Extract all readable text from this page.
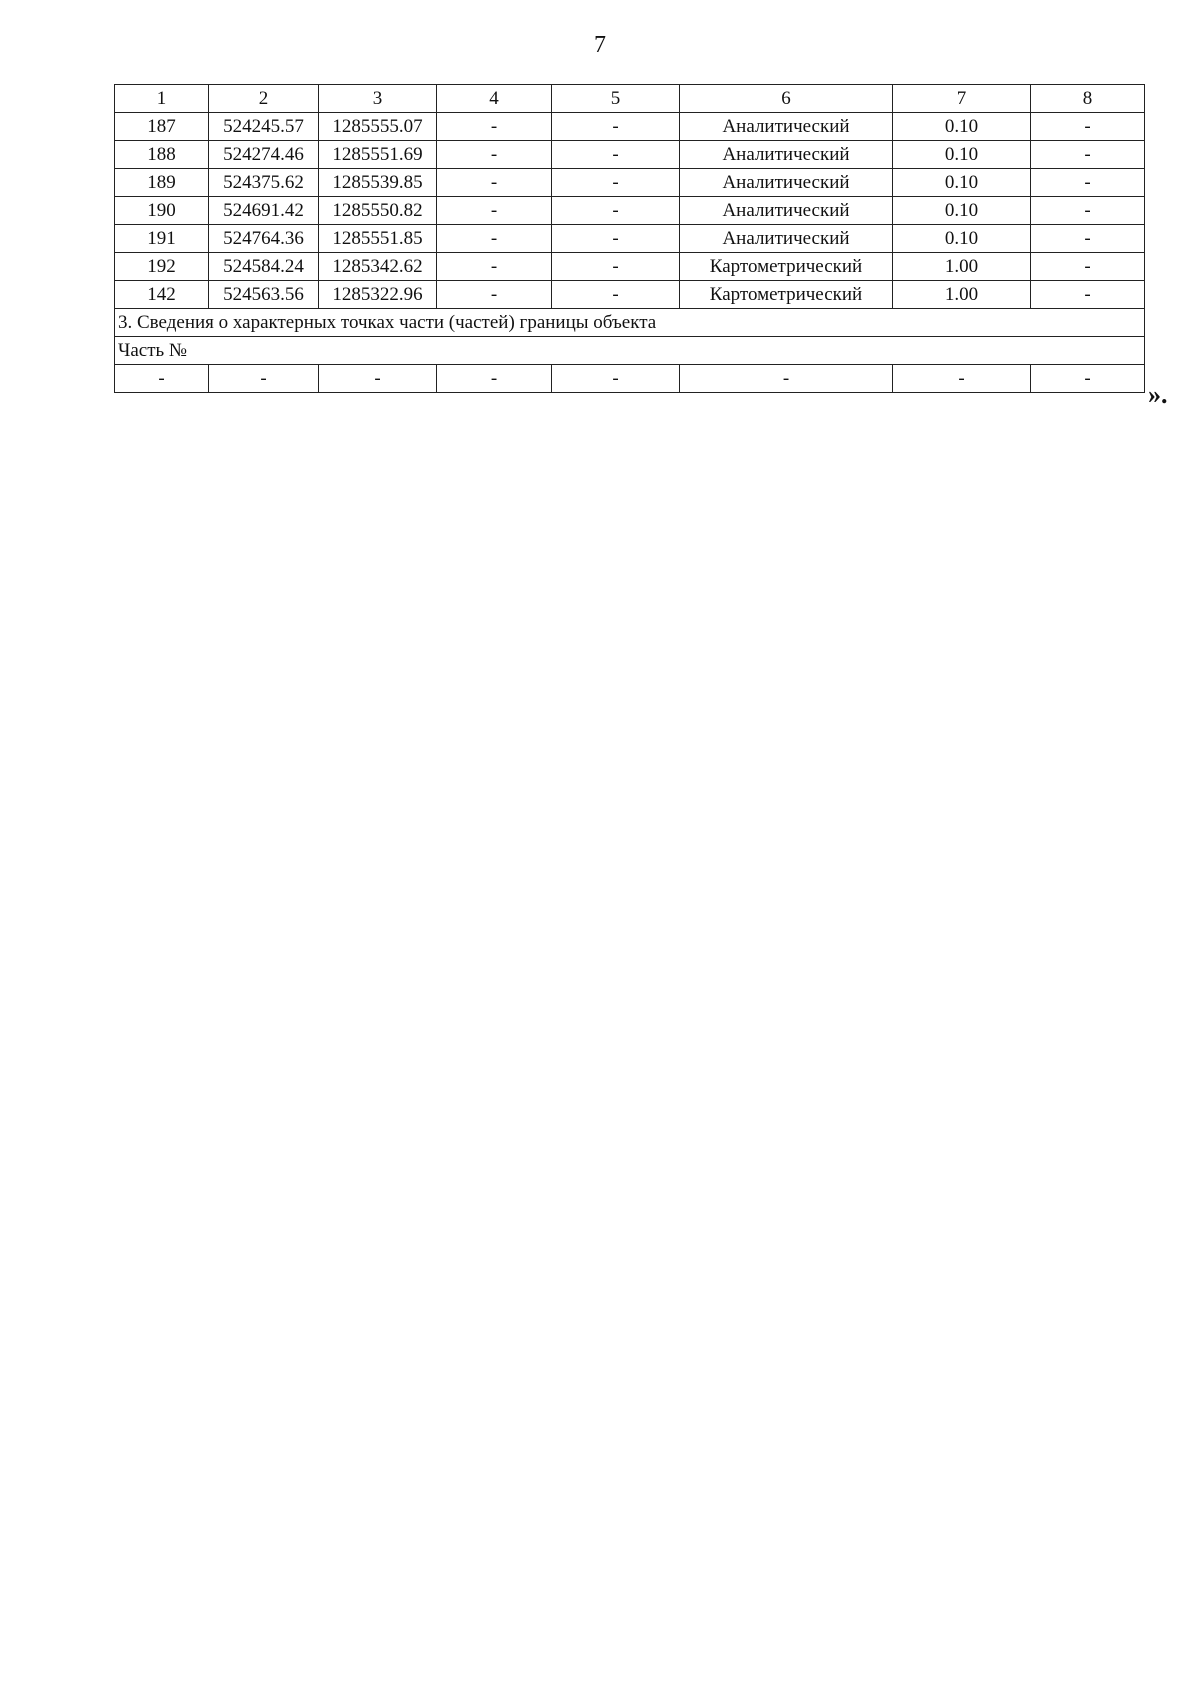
7
1	2	3	4	5	6	7	8
187	524245.57	1285555.07	-	-	Аналитический	0.10	-
188	524274.46	1285551.69	-	-	Аналитический	0.10	-
189	524375.62	1285539.85	-	-	Аналитический	0.10	-
190	524691.42	1285550.82	-	-	Аналитический	0.10	-
191	524764.36	1285551.85	-	-	Аналитический	0.10	-
192	524584.24	1285342.62	-	-	Картометрический	1.00	-
142	524563.56	1285322.96	-	-	Картометрический	1.00	-
3. Сведения о характерных точках части (частей) границы объекта							
Часть №							
-	-	-	-	-	-	-	-
».
